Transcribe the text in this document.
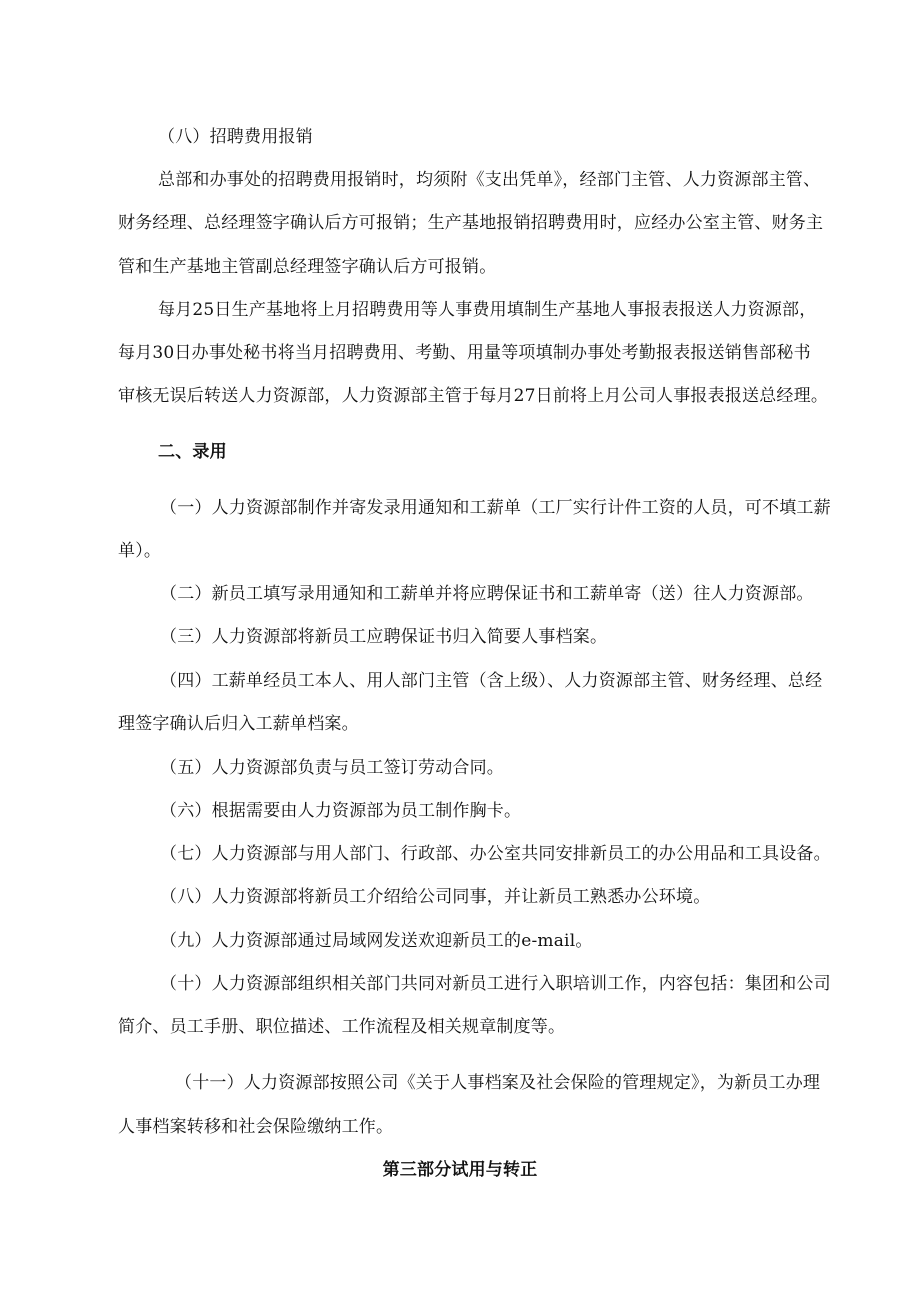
（八）招聘费用报销
总部和办事处的招聘费用报销时，均须附《支出凭单》，经部门主管、人力资源部主管、
财务经理、总经理签字确认后方可报销；生产基地报销招聘费用时，应经办公室主管、财务主
管和生产基地主管副总经理签字确认后方可报销。
每月25日生产基地将上月招聘费用等人事费用填制生产基地人事报表报送人力资源部，
每月30日办事处秘书将当月招聘费用、考勤、用量等项填制办事处考勤报表报送销售部秘书
审核无误后转送人力资源部，人力资源部主管于每月27日前将上月公司人事报表报送总经理。
二、录用
（一）人力资源部制作并寄发录用通知和工薪单（工厂实行计件工资的人员，可不填工薪
单）。
（二）新员工填写录用通知和工薪单并将应聘保证书和工薪单寄（送）往人力资源部。
（三）人力资源部将新员工应聘保证书归入简要人事档案。
（四）工薪单经员工本人、用人部门主管（含上级）、人力资源部主管、财务经理、总经
理签字确认后归入工薪单档案。
（五）人力资源部负责与员工签订劳动合同。
（六）根据需要由人力资源部为员工制作胸卡。
（七）人力资源部与用人部门、行政部、办公室共同安排新员工的办公用品和工具设备。
（八）人力资源部将新员工介绍给公司同事，并让新员工熟悉办公环境。
（九）人力资源部通过局域网发送欢迎新员工的e-mail。
（十）人力资源部组织相关部门共同对新员工进行入职培训工作，内容包括：集团和公司
简介、员工手册、职位描述、工作流程及相关规章制度等。
（十一）人力资源部按照公司《关于人事档案及社会保险的管理规定》，为新员工办理
人事档案转移和社会保险缴纳工作。
第三部分试用与转正
